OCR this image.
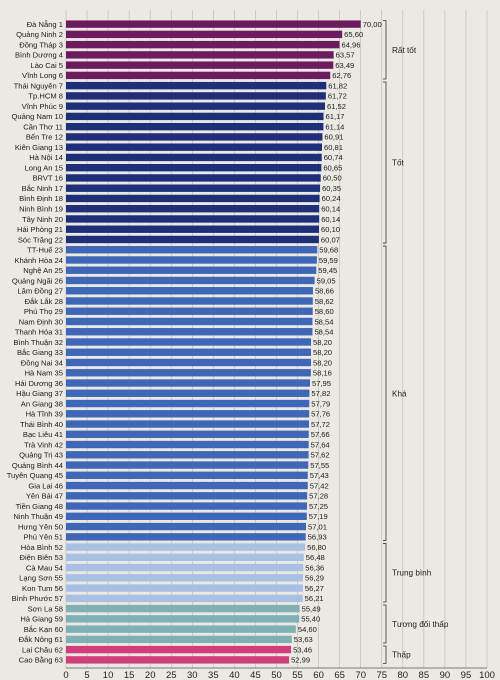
70,00
65,60
64,96
63,57
63,49
62,76
61,82
61,72
61,52
61,17
61,14
60,91
60,81
60,74
60,65
60,50
60,35
60,24
60,14
60,14
60,10
60,07
59,68
59,59
59,45
59,05
58,66
58,62
58,60
58,54
58,54
58,20
58,20
58,20
58,16
57,95
57,82
57,79
57,76
57,72
57,66
57,64
57,62
57,55
57,43
57,42
57,28
57,25
57,19
57,01
56,93
56,80
56,48
56,36
56,29
56,27
56,21
55,49
55,40
54,60
53,63
53,46
52,99
Đà Nẵng 1
Quảng Ninh 2
Đồng Tháp 3
Bình Dương 4
Lào Cai 5
Vĩnh Long 6
Thái Nguyên 7
Tp.HCM 8
Vĩnh Phúc 9
Quảng Nam 10
Cần Thơ 11
Bến Tre 12
Kiên Giang 13
Hà Nội 14
Long An 15
BRVT 16
Bắc Ninh 17
Bình Định 18
Ninh Bình 19
Tây Ninh 20
Hải Phòng 21
Sóc Trăng 22
TT-Huế 23
Khánh Hòa 24
Nghệ An 25
Quảng Ngãi 26
Lâm Đồng 27
Đắk Lắk 28
Phú Thọ 29
Nam Định 30
Thanh Hóa 31
Bình Thuận 32
Bắc Giang 33
Đồng Nai 34
Hà Nam 35
Hải Dương 36
Hậu Giang 37
An Giang 38
Hà Tĩnh 39
Thái Bình 40
Bạc Liêu 41
Trà Vinh 42
Quảng Trị 43
Quảng Bình 44
Tuyên Quang 45
Gia Lai 46
Yên Bái 47
Tiền Giang 48
Ninh Thuận 49
Hưng Yên 50
Phú Yên 51
Hòa Bình 52
Điện Biên 53
Cà Mau 54
Lạng Sơn 55
Kon Tum 56
Bình Phước 57
Sơn La 58
Hà Giang 59
Bắc Kạn 60
Đắk Nông 61
Lai Châu 62
Cao Bằng 63
Rất tốt
Tốt
Khá
Trung bình
Tương đối thấp
Thấp
0 5 10 15 20 25 30 35 40 45 50 55 60 65 70 75 80 85 90 95 100
